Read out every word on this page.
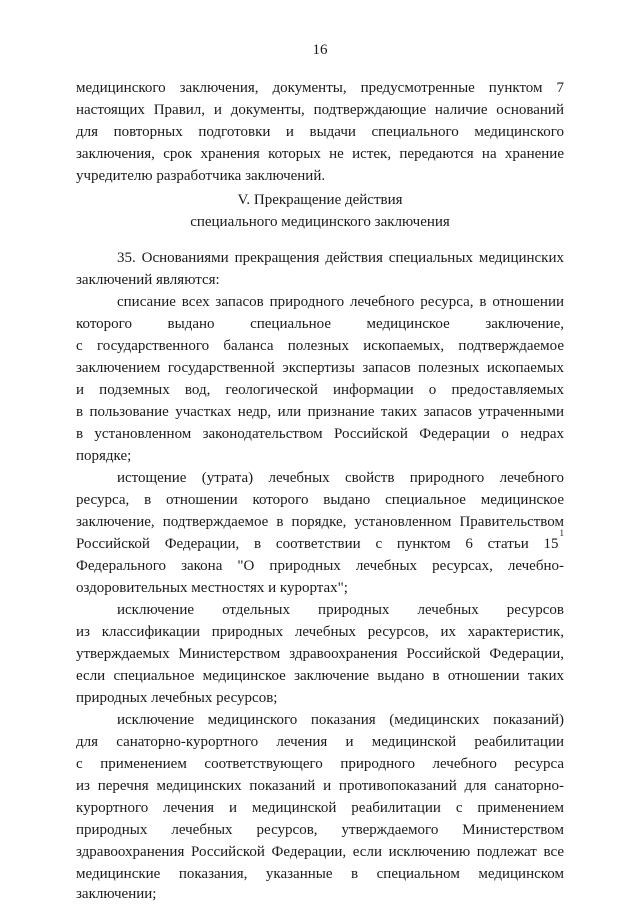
16
медицинского заключения, документы, предусмотренные пунктом 7
настоящих Правил, и документы, подтверждающие наличие оснований
для повторных подготовки и выдачи специального медицинского
заключения, срок хранения которых не истек, передаются на хранение
учредителю разработчика заключений.
V. Прекращение действия
специального медицинского заключения
35. Основаниями прекращения действия специальных медицинских
заключений являются:
списание всех запасов природного лечебного ресурса, в отношении
которого выдано специальное медицинское заключение,
с государственного баланса полезных ископаемых, подтверждаемое
заключением государственной экспертизы запасов полезных ископаемых
и подземных вод, геологической информации о предоставляемых
в пользование участках недр, или признание таких запасов утраченными
в установленном законодательством Российской Федерации о недрах
порядке;
истощение (утрата) лечебных свойств природного лечебного
ресурса, в отношении которого выдано специальное медицинское
заключение, подтверждаемое в порядке, установленном Правительством
Российской Федерации, в соответствии с пунктом 6 статьи 15
1
Федерального закона "О природных лечебных ресурсах, лечебно-
оздоровительных местностях и курортах";
исключение отдельных природных лечебных ресурсов
из классификации природных лечебных ресурсов, их характеристик,
утверждаемых Министерством здравоохранения Российской Федерации,
если специальное медицинское заключение выдано в отношении таких
природных лечебных ресурсов;
исключение медицинского показания (медицинских показаний)
для санаторно-курортного лечения и медицинской реабилитации
с применением соответствующего природного лечебного ресурса
из перечня медицинских показаний и противопоказаний для санаторно-
курортного лечения и медицинской реабилитации с применением
природных лечебных ресурсов, утверждаемого Министерством
здравоохранения Российской Федерации, если исключению подлежат все
медицинские показания, указанные в специальном медицинском
заключении;
